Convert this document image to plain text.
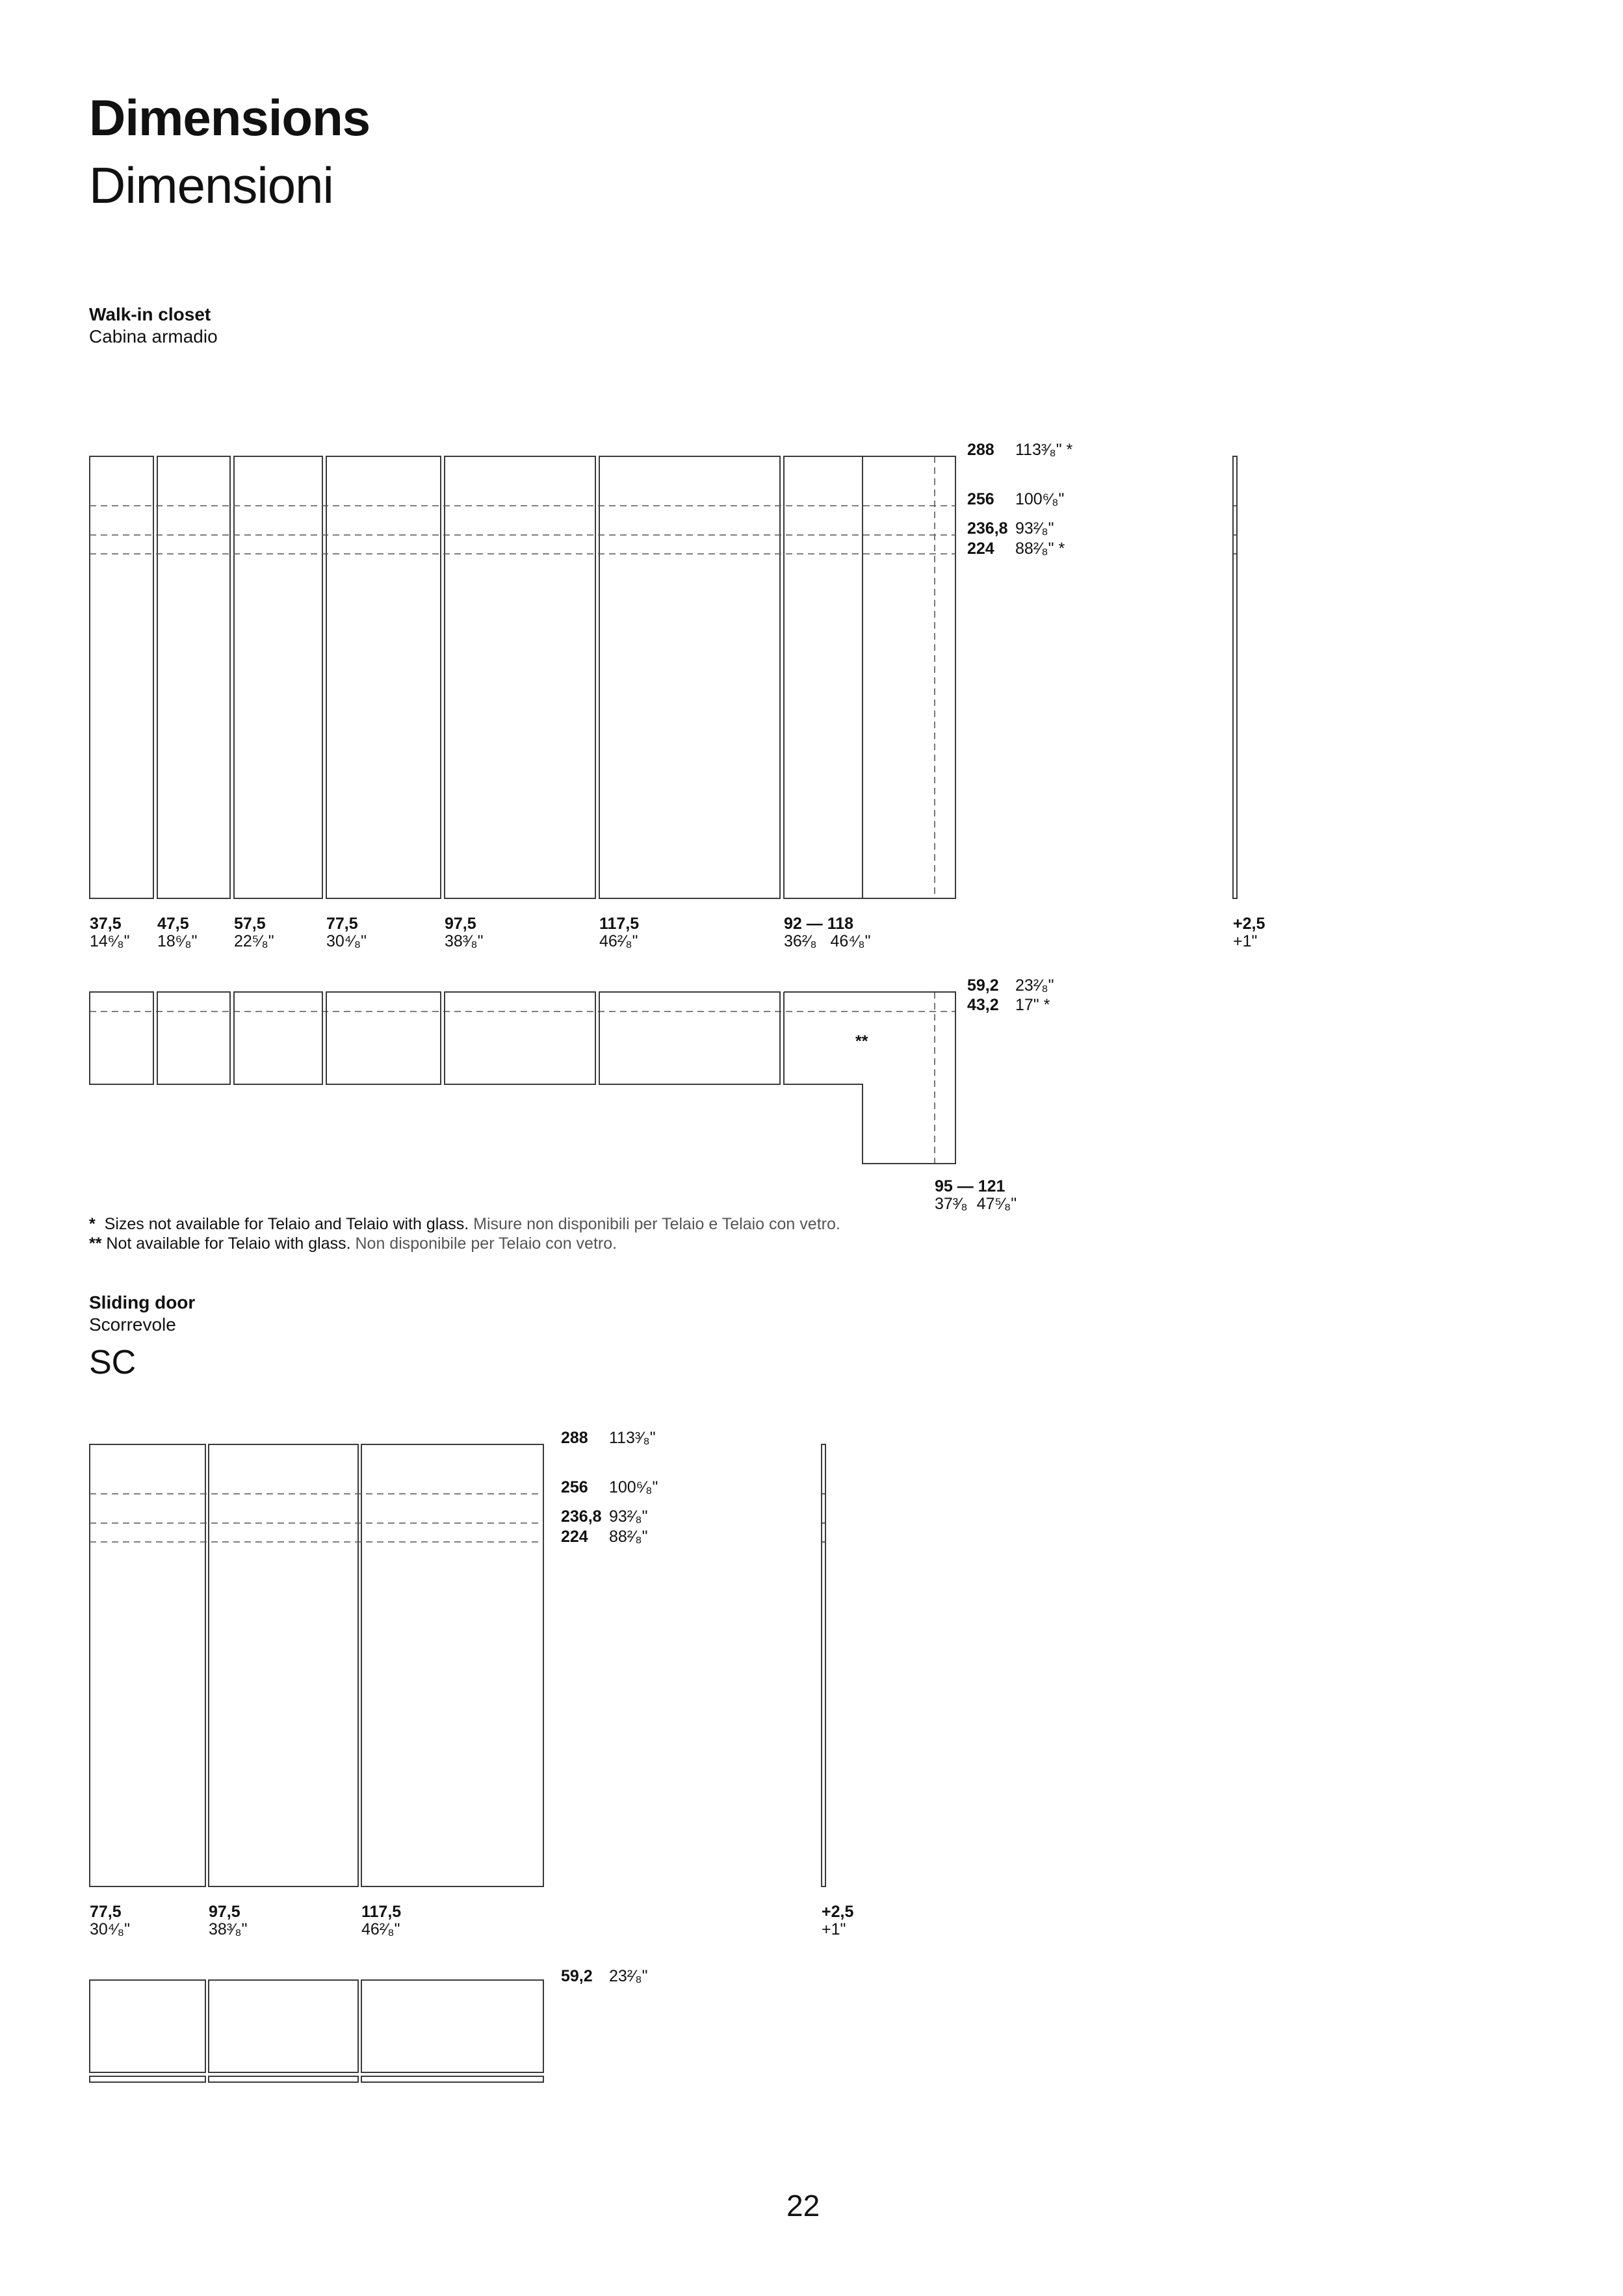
Dimensions
Dimensioni
Walk-in closet
Cabina armadio
288 113³⁄₈" *
256 100⁶⁄₈"
236,8 93²⁄₈"
224 88²⁄₈" *
37,5
14⁶⁄₈"
47,5
18⁶⁄₈"
57,5
22⁵⁄₈"
77,5
30⁴⁄₈"
97,5
38³⁄₈"
117,5
46²⁄₈"
92 — 118
36²⁄₈   46⁴⁄₈"
+2,5
+1"
59,2 23²⁄₈"
43,2 17" *
**
95 — 121
37³⁄₈  47⁵⁄₈"
* Sizes not available for Telaio and Telaio with glass. Misure non disponibili per Telaio e Telaio con vetro.
** Not available for Telaio with glass. Non disponibile per Telaio con vetro.
Sliding door
Scorrevole
SC
288 113³⁄₈"
256 100⁶⁄₈"
236,8 93²⁄₈"
224 88²⁄₈"
77,5
30⁴⁄₈"
97,5
38³⁄₈"
117,5
46²⁄₈"
+2,5
+1"
59,2 23²⁄₈"
22
